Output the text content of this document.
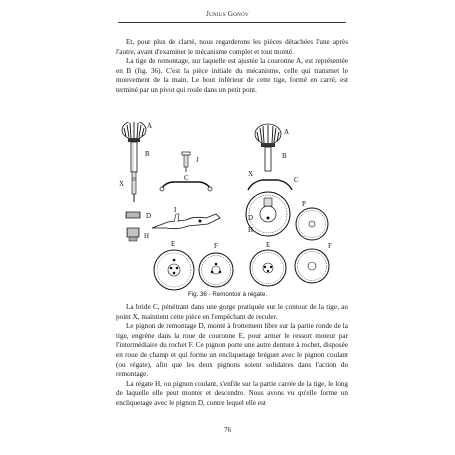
Junius Gonov

Et, pour plus de clarté, nous regarderons les pièces détachées l'une après l'autre, avant d'examiner le mécanisme complet et tout monté.

La tige de remontage, sur laquelle est ajustée la couronne A, est représentée en B (fig. 36). C'est la pièce initiale du mécanisme, celle qui transmet le mouvement de la main. Le bout inférieur de cette tige, formé en carré, est terminé par un pivot qui roule dans un petit pont.

A
B
X
D
H
J
C
I
E	F
A
B
C
X
D
H
P
E	F
Fig. 36 - Remontoir à régate.

La bride C, pénétrant dans une gorge pratiquée sur le contour de la tige, au point X, maintient cette pièce en l'empêchant de reculer.

Le pignon de remontage D, monté à frottement libre sur la partie ronde de la tige, engrène dans la roue de couronne E, pour armer le ressort moteur par l'intermédiaire du rochet F. Ce pignon porte une autre denture à rochet, disposée en roue de champ et qui forme un encliquetage bréguet avec le pignon coulant (ou régate), afin que les deux pignons soient solidaires dans l'action du remontage.

La régate H, ou pignon coulant, s'enfile sur la partie carrée de la tige, le long de laquelle elle peut monter et descendre. Nous avons vu qu'elle forme un encliquetage avec le pignon D, contre lequel elle est

76
